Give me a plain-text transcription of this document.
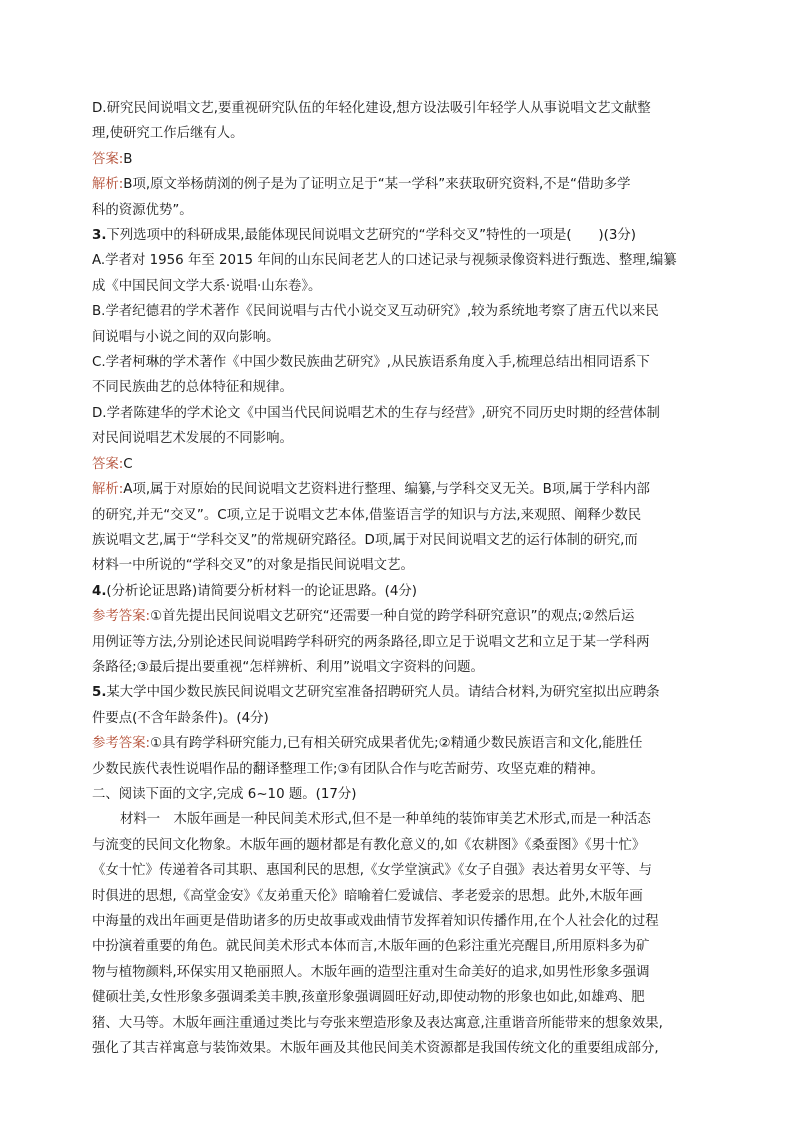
D.研究民间说唱文艺,要重视研究队伍的年轻化建设,想方设法吸引年轻学人从事说唱文艺文献整
理,使研究工作后继有人。
答案:B
解析:B项,原文举杨荫浏的例子是为了证明立足于“某一学科”来获取研究资料,不是“借助多学
科的资源优势”。
3.下列选项中的科研成果,最能体现民间说唱文艺研究的“学科交叉”特性的一项是(　　)(3分)
A.学者对 1956 年至 2015 年间的山东民间老艺人的口述记录与视频录像资料进行甄选、整理,编纂
成《中国民间文学大系·说唱·山东卷》。
B.学者纪德君的学术著作《民间说唱与古代小说交叉互动研究》,较为系统地考察了唐五代以来民
间说唱与小说之间的双向影响。
C.学者柯琳的学术著作《中国少数民族曲艺研究》,从民族语系角度入手,梳理总结出相同语系下
不同民族曲艺的总体特征和规律。
D.学者陈建华的学术论文《中国当代民间说唱艺术的生存与经营》,研究不同历史时期的经营体制
对民间说唱艺术发展的不同影响。
答案:C
解析:A项,属于对原始的民间说唱文艺资料进行整理、编纂,与学科交叉无关。B项,属于学科内部
的研究,并无“交叉”。C项,立足于说唱文艺本体,借鉴语言学的知识与方法,来观照、阐释少数民
族说唱文艺,属于“学科交叉”的常规研究路径。D项,属于对民间说唱文艺的运行体制的研究,而
材料一中所说的“学科交叉”的对象是指民间说唱文艺。
4.(分析论证思路)请简要分析材料一的论证思路。(4分)
参考答案:①首先提出民间说唱文艺研究“还需要一种自觉的跨学科研究意识”的观点;②然后运
用例证等方法,分别论述民间说唱跨学科研究的两条路径,即立足于说唱文艺和立足于某一学科两
条路径;③最后提出要重视“怎样辨析、利用”说唱文字资料的问题。
5.某大学中国少数民族民间说唱文艺研究室准备招聘研究人员。请结合材料,为研究室拟出应聘条
件要点(不含年龄条件)。(4分)
参考答案:①具有跨学科研究能力,已有相关研究成果者优先;②精通少数民族语言和文化,能胜任
少数民族代表性说唱作品的翻译整理工作;③有团队合作与吃苦耐劳、攻坚克难的精神。
二、阅读下面的文字,完成 6~10 题。(17分)
材料一　木版年画是一种民间美术形式,但不是一种单纯的装饰审美艺术形式,而是一种活态
与流变的民间文化物象。木版年画的题材都是有教化意义的,如《农耕图》《桑蚕图》《男十忙》
《女十忙》传递着各司其职、惠国利民的思想,《女学堂演武》《女子自强》表达着男女平等、与
时俱进的思想,《高堂金安》《友弟重天伦》暗喻着仁爱诚信、孝老爱亲的思想。此外,木版年画
中海量的戏出年画更是借助诸多的历史故事或戏曲情节发挥着知识传播作用,在个人社会化的过程
中扮演着重要的角色。就民间美术形式本体而言,木版年画的色彩注重光亮醒目,所用原料多为矿
物与植物颜料,环保实用又艳丽照人。木版年画的造型注重对生命美好的追求,如男性形象多强调
健硕壮美,女性形象多强调柔美丰腴,孩童形象强调圆旺好动,即使动物的形象也如此,如雄鸡、肥
猪、大马等。木版年画注重通过类比与夸张来塑造形象及表达寓意,注重谐音所能带来的想象效果,
强化了其吉祥寓意与装饰效果。木版年画及其他民间美术资源都是我国传统文化的重要组成部分,
